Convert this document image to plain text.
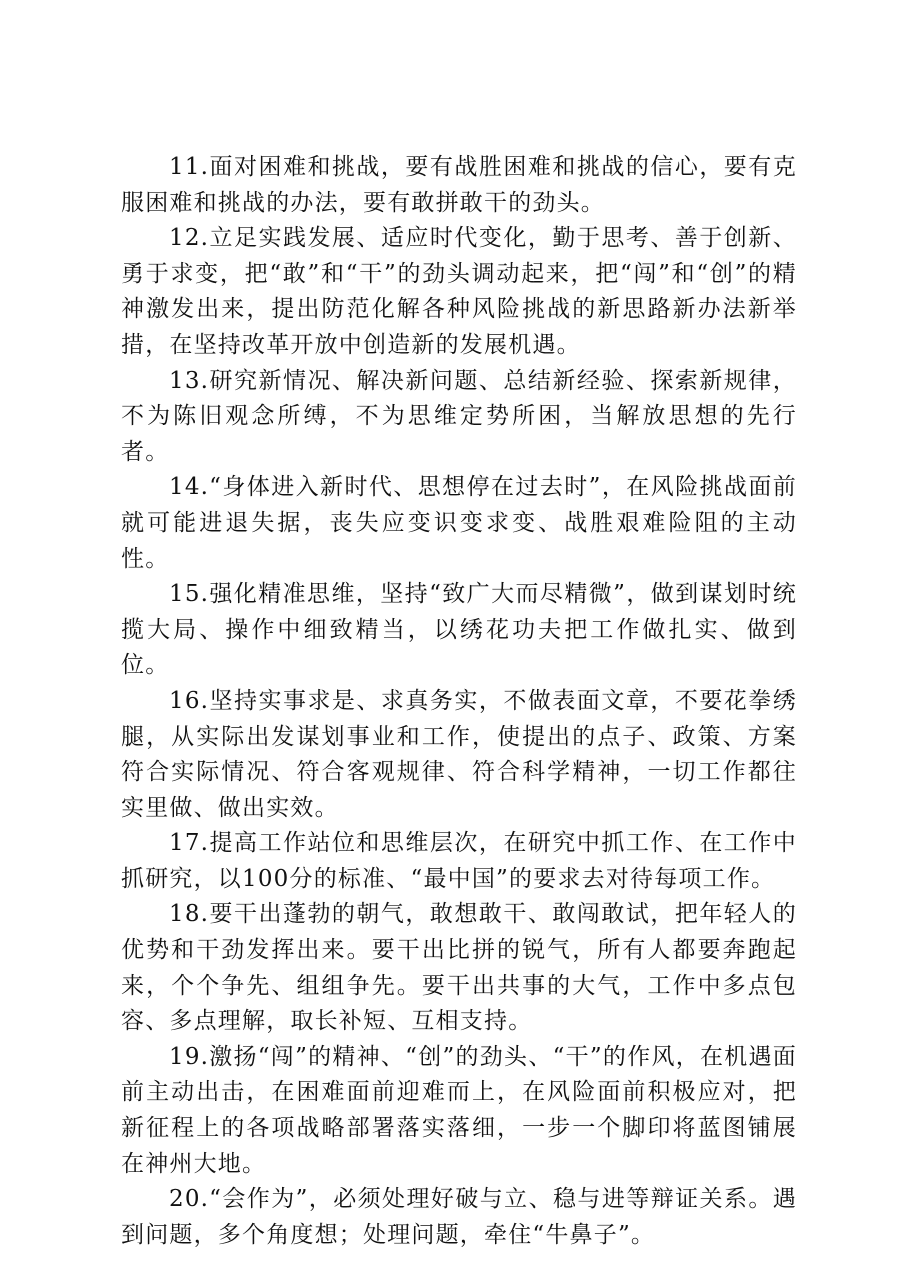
11.面对困难和挑战，要有战胜困难和挑战的信心，要有克服困难和挑战的办法，要有敢拼敢干的劲头。

12.立足实践发展、适应时代变化，勤于思考、善于创新、勇于求变，把“敢”和“干”的劲头调动起来，把“闯”和“创”的精神激发出来，提出防范化解各种风险挑战的新思路新办法新举措，在坚持改革开放中创造新的发展机遇。

13.研究新情况、解决新问题、总结新经验、探索新规律，不为陈旧观念所缚，不为思维定势所困，当解放思想的先行者。

14.“身体进入新时代、思想停在过去时”，在风险挑战面前就可能进退失据，丧失应变识变求变、战胜艰难险阻的主动性。

15.强化精准思维，坚持“致广大而尽精微”，做到谋划时统揽大局、操作中细致精当，以绣花功夫把工作做扎实、做到位。

16.坚持实事求是、求真务实，不做表面文章，不要花拳绣腿，从实际出发谋划事业和工作，使提出的点子、政策、方案符合实际情况、符合客观规律、符合科学精神，一切工作都往实里做、做出实效。

17.提高工作站位和思维层次，在研究中抓工作、在工作中抓研究，以100分的标准、“最中国”的要求去对待每项工作。

18.要干出蓬勃的朝气，敢想敢干、敢闯敢试，把年轻人的优势和干劲发挥出来。要干出比拼的锐气，所有人都要奔跑起来，个个争先、组组争先。要干出共事的大气，工作中多点包容、多点理解，取长补短、互相支持。

19.激扬“闯”的精神、“创”的劲头、“干”的作风，在机遇面前主动出击，在困难面前迎难而上，在风险面前积极应对，把新征程上的各项战略部署落实落细，一步一个脚印将蓝图铺展在神州大地。

20.“会作为”，必须处理好破与立、稳与进等辩证关系。遇到问题，多个角度想；处理问题，牵住“牛鼻子”。
